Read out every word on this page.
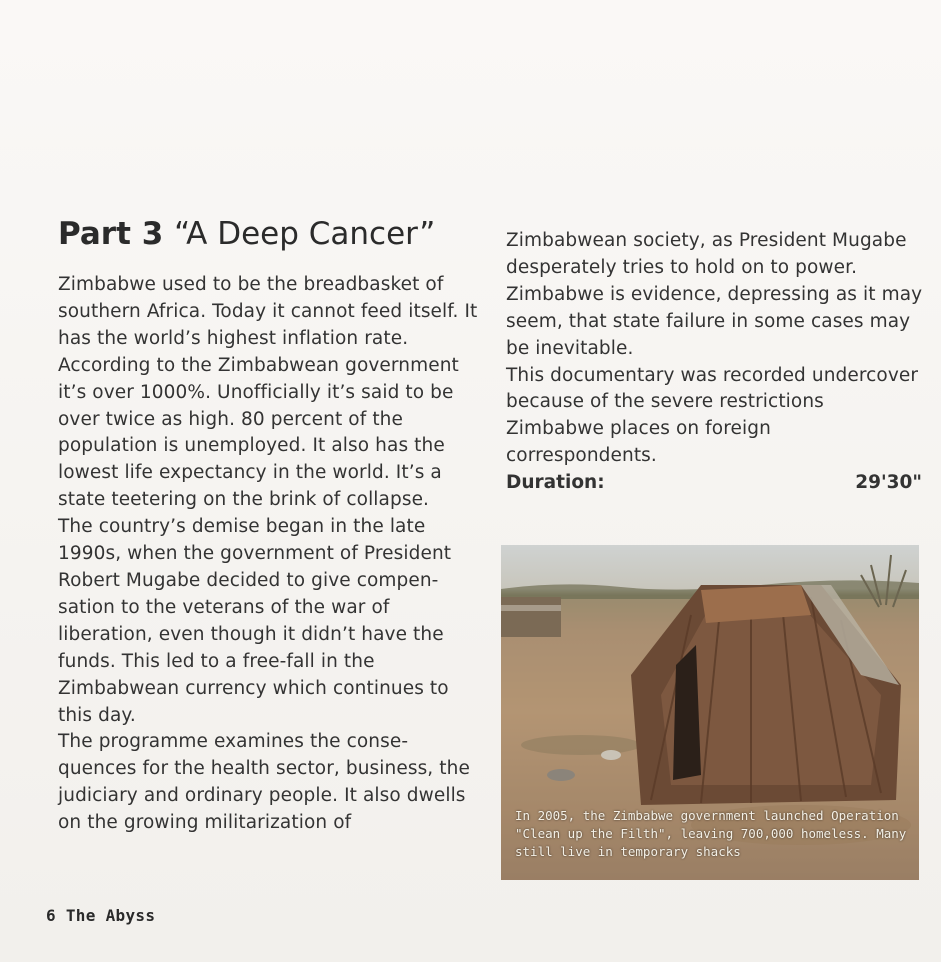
Part 3 “A Deep Cancer”

Zimbabwe used to be the breadbasket of southern Africa. Today it cannot feed itself. It has the world’s highest inflation rate. According to the Zimbabwean government it’s over 1000%. Unofficially it’s said to be over twice as high. 80 percent of the population is unemployed. It also has the lowest life expectancy in the world. It’s a state teetering on the brink of collapse.

The country’s demise began in the late 1990s, when the government of President Robert Mugabe decided to give compen-sation to the veterans of the war of liberation, even though it didn’t have the funds. This led to a free-fall in the Zimbabwean currency which continues to this day.

The programme examines the conse-quences for the health sector, business, the judiciary and ordinary people. It also dwells on the growing militarization of

Zimbabwean society, as President Mugabe desperately tries to hold on to power. Zimbabwe is evidence, depressing as it may seem, that state failure in some cases may be inevitable.

This documentary was recorded undercover because of the severe restrictions Zimbabwe places on foreign correspondents.

Duration:	29'30"
In 2005, the Zimbabwe government launched Operation "Clean up the Filth", leaving 700,000 homeless. Many still live in temporary shacks
6 The Abyss
